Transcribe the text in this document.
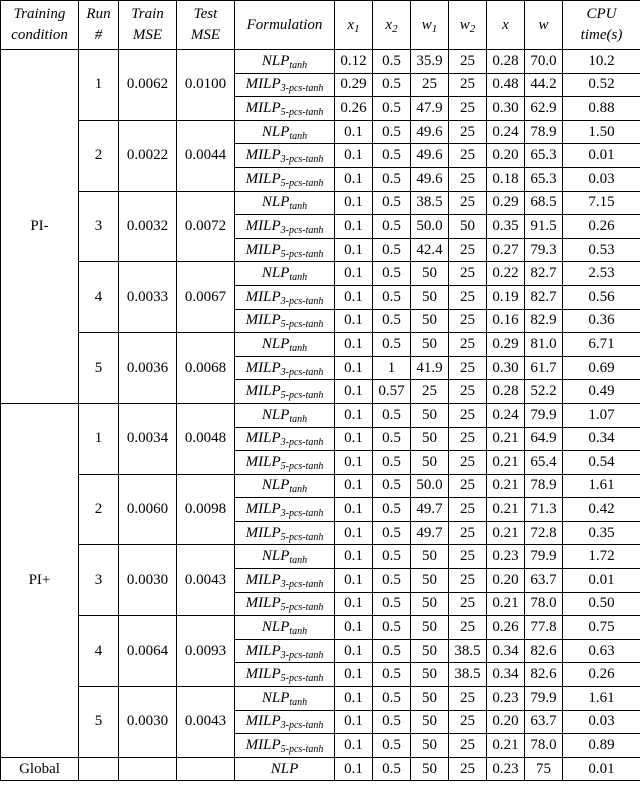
Training condition	Run #	Train MSE	Test MSE	Formulation	$x_1$	$x_2$	$w_1$	$w_2$	x	w	CPU time(s)
PI-	1	0.0062	0.0100	$NLP_{tanh}$	0.12	0.5	35.9	25	0.28	70.0	10.2
				$MILP_{3-pcs-tanh}$	0.29	0.5	25	25	0.48	44.2	0.52
				$MILP_{5-pcs-tanh}$	0.26	0.5	47.9	25	0.30	62.9	0.88
	2	0.0022	0.0044	$NLP_{tanh}$	0.1	0.5	49.6	25	0.24	78.9	1.50
				$MILP_{3-pcs-tanh}$	0.1	0.5	49.6	25	0.20	65.3	0.01
				$MILP_{5-pcs-tanh}$	0.1	0.5	49.6	25	0.18	65.3	0.03
	3	0.0032	0.0072	$NLP_{tanh}$	0.1	0.5	38.5	25	0.29	68.5	7.15
				$MILP_{3-pcs-tanh}$	0.1	0.5	50.0	50	0.35	91.5	0.26
				$MILP_{5-pcs-tanh}$	0.1	0.5	42.4	25	0.27	79.3	0.53
	4	0.0033	0.0067	$NLP_{tanh}$	0.1	0.5	50	25	0.22	82.7	2.53
				$MILP_{3-pcs-tanh}$	0.1	0.5	50	25	0.19	82.7	0.56
				$MILP_{5-pcs-tanh}$	0.1	0.5	50	25	0.16	82.9	0.36
	5	0.0036	0.0068	$NLP_{tanh}$	0.1	0.5	50	25	0.29	81.0	6.71
				$MILP_{3-pcs-tanh}$	0.1	1	41.9	25	0.30	61.7	0.69
				$MILP_{5-pcs-tanh}$	0.1	0.57	25	25	0.28	52.2	0.49
PI+	1	0.0034	0.0048	$NLP_{tanh}$	0.1	0.5	50	25	0.24	79.9	1.07
				$MILP_{3-pcs-tanh}$	0.1	0.5	50	25	0.21	64.9	0.34
				$MILP_{5-pcs-tanh}$	0.1	0.5	50	25	0.21	65.4	0.54
	2	0.0060	0.0098	$NLP_{tanh}$	0.1	0.5	50.0	25	0.21	78.9	1.61
				$MILP_{3-pcs-tanh}$	0.1	0.5	49.7	25	0.21	71.3	0.42
				$MILP_{5-pcs-tanh}$	0.1	0.5	49.7	25	0.21	72.8	0.35
	3	0.0030	0.0043	$NLP_{tanh}$	0.1	0.5	50	25	0.23	79.9	1.72
				$MILP_{3-pcs-tanh}$	0.1	0.5	50	25	0.20	63.7	0.01
				$MILP_{5-pcs-tanh}$	0.1	0.5	50	25	0.21	78.0	0.50
	4	0.0064	0.0093	$NLP_{tanh}$	0.1	0.5	50	25	0.26	77.8	0.75
				$MILP_{3-pcs-tanh}$	0.1	0.5	50	38.5	0.34	82.6	0.63
				$MILP_{5-pcs-tanh}$	0.1	0.5	50	38.5	0.34	82.6	0.26
	5	0.0030	0.0043	$NLP_{tanh}$	0.1	0.5	50	25	0.23	79.9	1.61
				$MILP_{3-pcs-tanh}$	0.1	0.5	50	25	0.20	63.7	0.03
				$MILP_{5-pcs-tanh}$	0.1	0.5	50	25	0.21	78.0	0.89
Global				NLP	0.1	0.5	50	25	0.23	75	0.01
